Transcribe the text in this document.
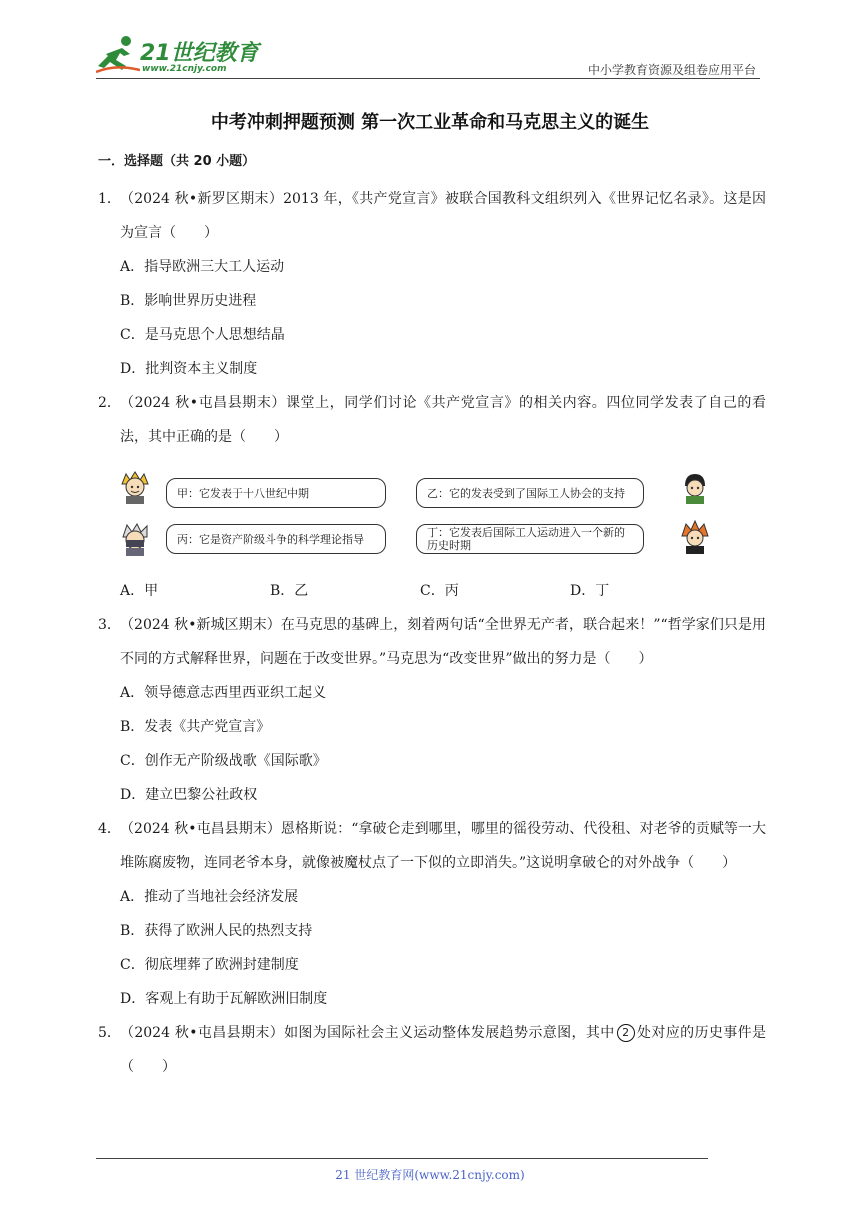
21世纪教育
www.21cnjy.com	中小学教育资源及组卷应用平台
中考冲刺押题预测 第一次工业革命和马克思主义的诞生
一．选择题（共 20 小题）

1． （2024 秋•新罗区期末）2013 年，《共产党宣言》被联合国教科文组织列入《世界记忆名录》。这是因为宣言（　　）

A．指导欧洲三大工人运动

B．影响世界历史进程

C．是马克思个人思想结晶

D．批判资本主义制度

2． （2024 秋•屯昌县期末）课堂上，同学们讨论《共产党宣言》的相关内容。四位同学发表了自己的看法，其中正确的是（　　）

甲：它发表于十八世纪中期
丙：它是资产阶级斗争的科学理论指导
乙：它的发表受到了国际工人协会的支持
丁：它发表后国际工人运动进入一个新的历史时期
A．甲	B．乙	C．丙	D．丁

3． （2024 秋•新城区期末）在马克思的基碑上，刻着两句话“全世界无产者，联合起来！”“哲学家们只是用不同的方式解释世界，问题在于改变世界。”马克思为“改变世界”做出的努力是（　　）

A．领导德意志西里西亚织工起义

B．发表《共产党宣言》

C．创作无产阶级战歌《国际歌》

D．建立巴黎公社政权

4． （2024 秋•屯昌县期末）恩格斯说：“拿破仑走到哪里，哪里的徭役劳动、代役租、对老爷的贡赋等一大堆陈腐废物，连同老爷本身，就像被魔杖点了一下似的立即消失。”这说明拿破仑的对外战争（　　）

A．推动了当地社会经济发展

B．获得了欧洲人民的热烈支持

C．彻底埋葬了欧洲封建制度

D．客观上有助于瓦解欧洲旧制度

5． （2024 秋•屯昌县期末）如图为国际社会主义运动整体发展趋势示意图，其中 2 处对应的历史事件是（　　）

21 世纪教育网(www.21cnjy.com)
